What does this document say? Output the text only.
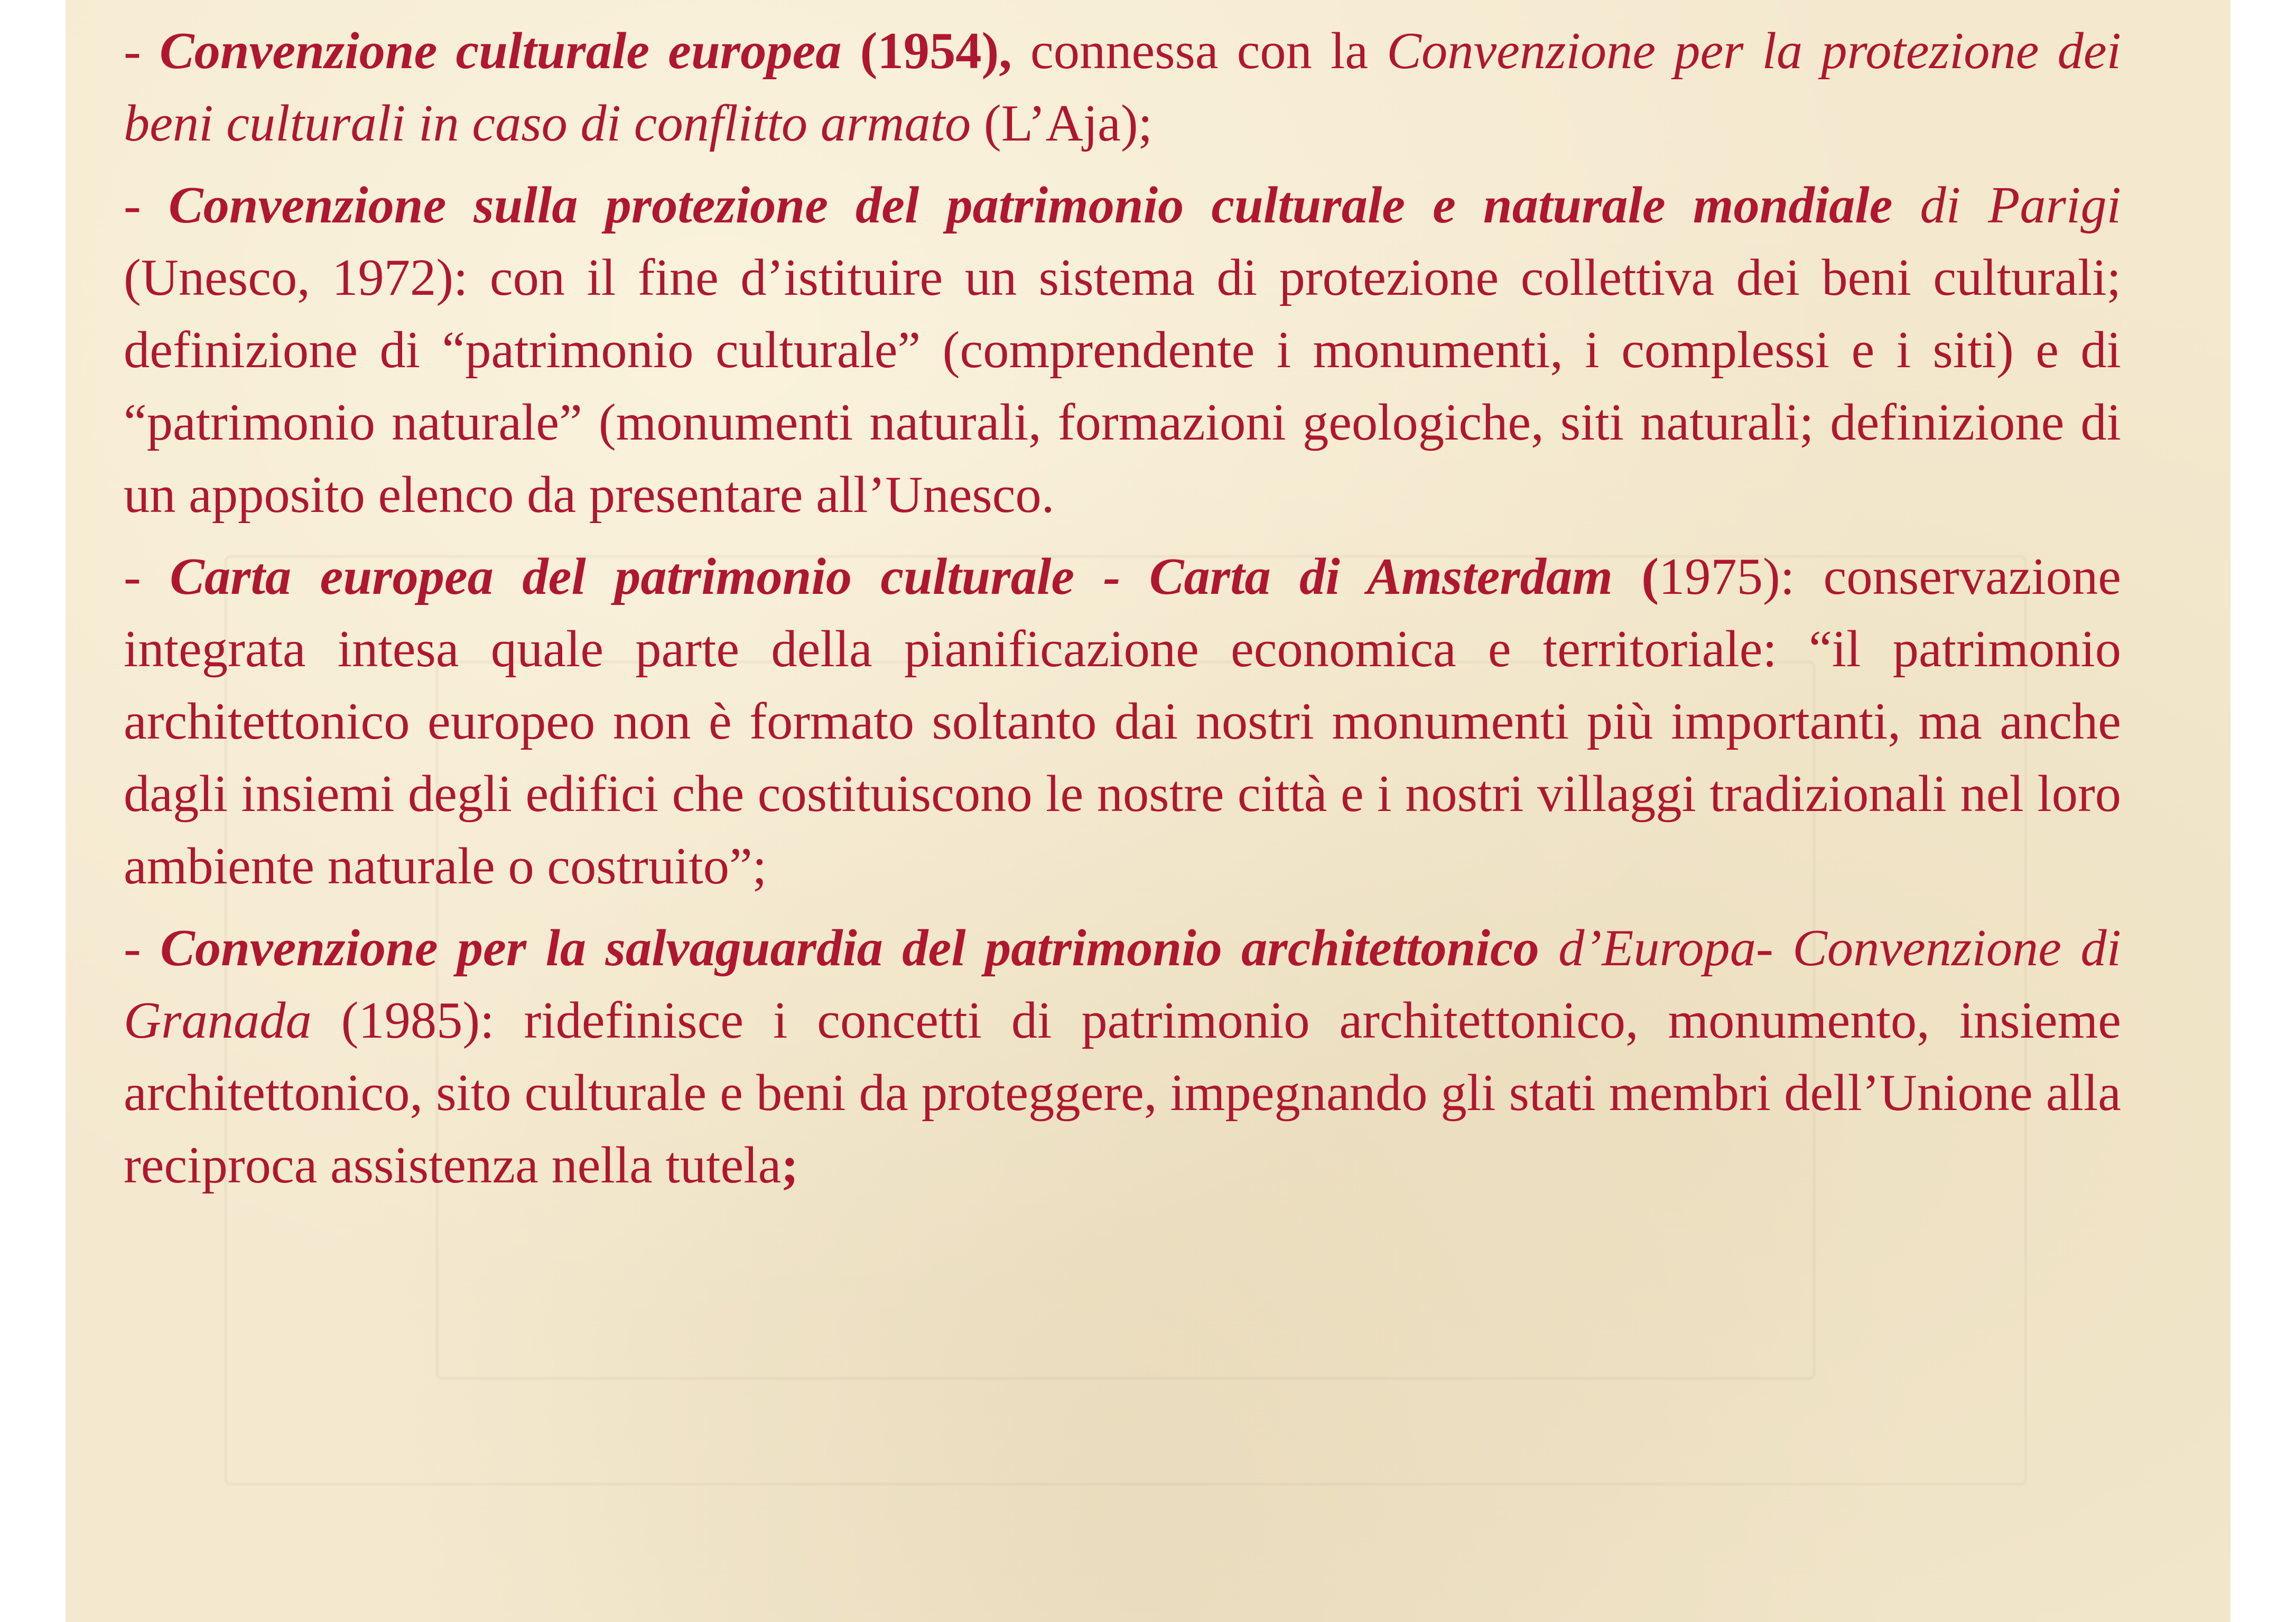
- Convenzione culturale europea (1954), connessa con la Convenzione per la protezione dei beni culturali in caso di conflitto armato (L’Aja);

- Convenzione sulla protezione del patrimonio culturale e naturale mondiale di Parigi (Unesco, 1972): con il fine d’istituire un sistema di protezione collettiva dei beni culturali; definizione di “patrimonio culturale” (comprendente i monumenti, i complessi e i siti) e di “patrimonio naturale” (monumenti naturali, formazioni geologiche, siti naturali; definizione di un apposito elenco da presentare all’Unesco.

- Carta europea del patrimonio culturale - Carta di Amsterdam (1975): conservazione integrata intesa quale parte della pianificazione economica e territoriale: “il patrimonio architettonico europeo non è formato soltanto dai nostri monumenti più importanti, ma anche dagli insiemi degli edifici che costituiscono le nostre città e i nostri villaggi tradizionali nel loro ambiente naturale o costruito”;

- Convenzione per la salvaguardia del patrimonio architettonico d’Europa- Convenzione di Granada (1985): ridefinisce i concetti di patrimonio architettonico, monumento, insieme architettonico, sito culturale e beni da proteggere, impegnando gli stati membri dell’Unione alla reciproca assistenza nella tutela;
